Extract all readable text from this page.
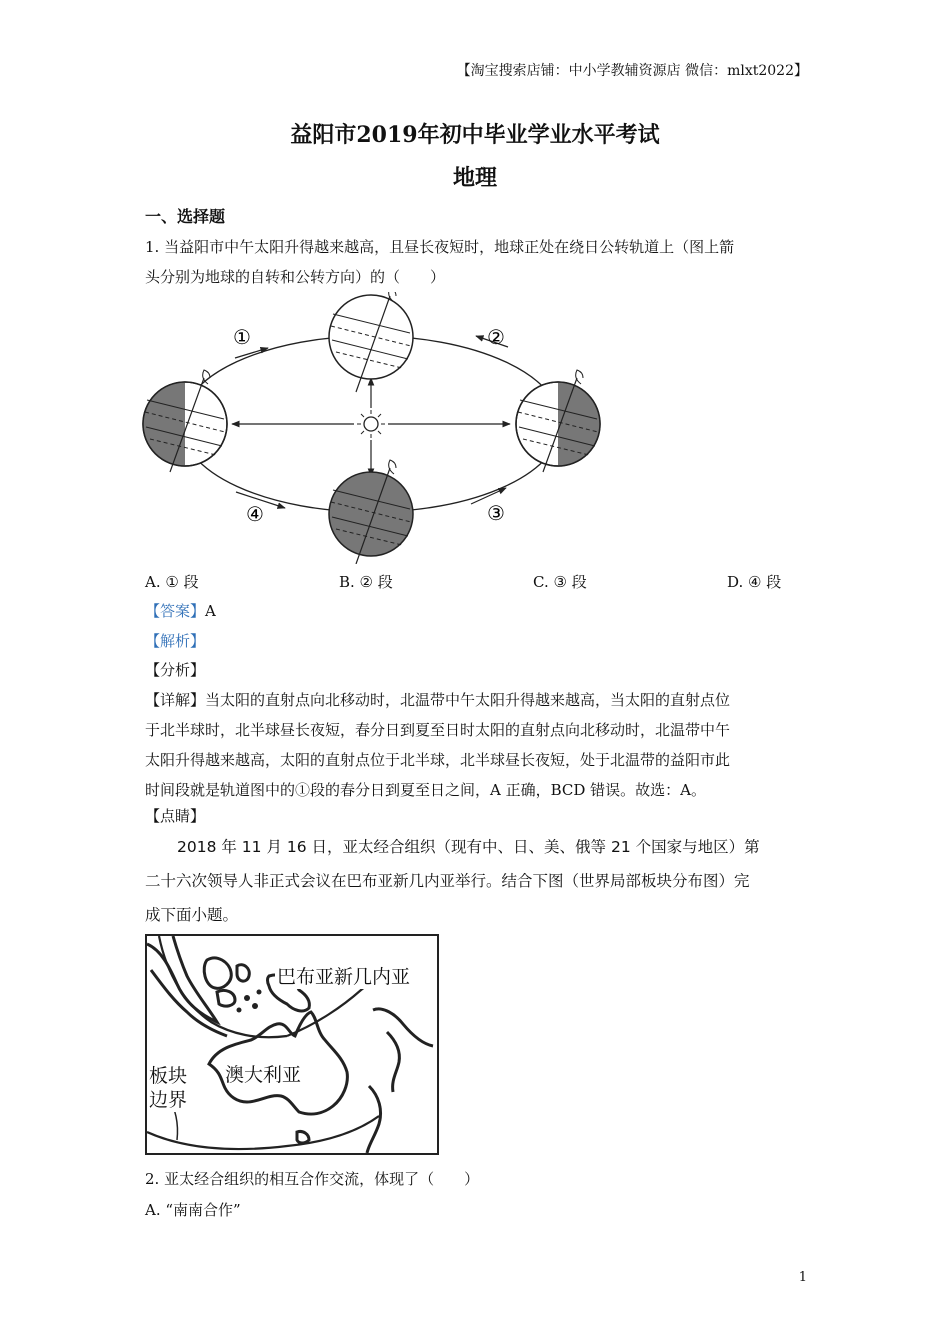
【淘宝搜索店铺：中小学教辅资源店 微信：mlxt2022】
益阳市2019年初中毕业学业水平考试
地理
一、选择题
1. 当益阳市中午太阳升得越来越高，且昼长夜短时，地球正处在绕日公转轨道上（图上箭
头分别为地球的自转和公转方向）的（　　）
①	②
③
④
A. ① 段	B. ② 段	C. ③ 段	D. ④ 段
【答案】A
【解析】
【分析】
【详解】当太阳的直射点向北移动时，北温带中午太阳升得越来越高，当太阳的直射点位
于北半球时，北半球昼长夜短，春分日到夏至日时太阳的直射点向北移动时，北温带中午
太阳升得越来越高，太阳的直射点位于北半球，北半球昼长夜短，处于北温带的益阳市此
时间段就是轨道图中的①段的春分日到夏至日之间，A 正确，BCD 错误。故选：A。
【点睛】
2018 年 11 月 16 日，亚太经合组织（现有中、日、美、俄等 21 个国家与地区）第
二十六次领导人非正式会议在巴布亚新几内亚举行。结合下图（世界局部板块分布图）完
成下面小题。
巴布亚新几内亚
澳大利亚
板块
边界
2. 亚太经合组织的相互合作交流，体现了（　　）
A. “南南合作”
1
